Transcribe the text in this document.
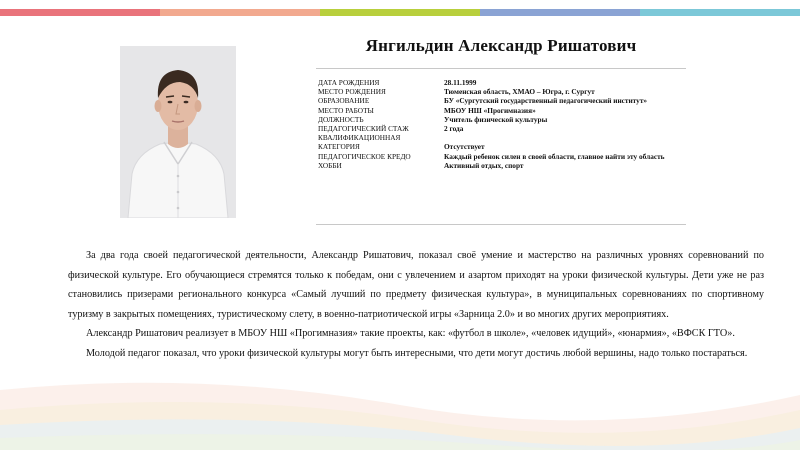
Янгильдин Александр Ришатович
ДАТА РОЖДЕНИЯ	28.11.1999
МЕСТО РОЖДЕНИЯ	Тюменская область, ХМАО – Югра, г. Сургут
ОБРАЗОВАНИЕ	БУ «Сургутский государственный педагогический институт»
МЕСТО РАБОТЫ	МБОУ НШ «Прогимназия»
ДОЛЖНОСТЬ	Учитель физической культуры
ПЕДАГОГИЧЕСКИЙ СТАЖ	2 года
КВАЛИФИКАЦИОННАЯ
КАТЕГОРИЯ	Отсутствует
ПЕДАГОГИЧЕСКОЕ КРЕДО	Каждый ребенок силен в своей области, главное найти эту область
ХОББИ	Активный отдых, спорт

За два года своей педагогической деятельности, Александр Ришатович, показал своё умение и мастерство на различных уровнях соревнований по физической культуре. Его обучающиеся стремятся только к победам, они с увлечением и азартом приходят на уроки физической культуры. Дети уже не раз становились призерами регионального конкурса «Самый лучший по предмету физическая культура», в муниципальных соревнованиях по спортивному туризму в закрытых помещениях, туристическому слету, в военно-патриотической игры «Зарница 2.0» и во многих других мероприятиях.

Александр Ришатович реализует в МБОУ НШ «Прогимназия» такие проекты, как: «футбол в школе», «человек идущий», «юнармия», «ВФСК ГТО».

Молодой педагог показал, что уроки физической культуры могут быть интересными, что дети могут достичь любой вершины, надо только постараться.
